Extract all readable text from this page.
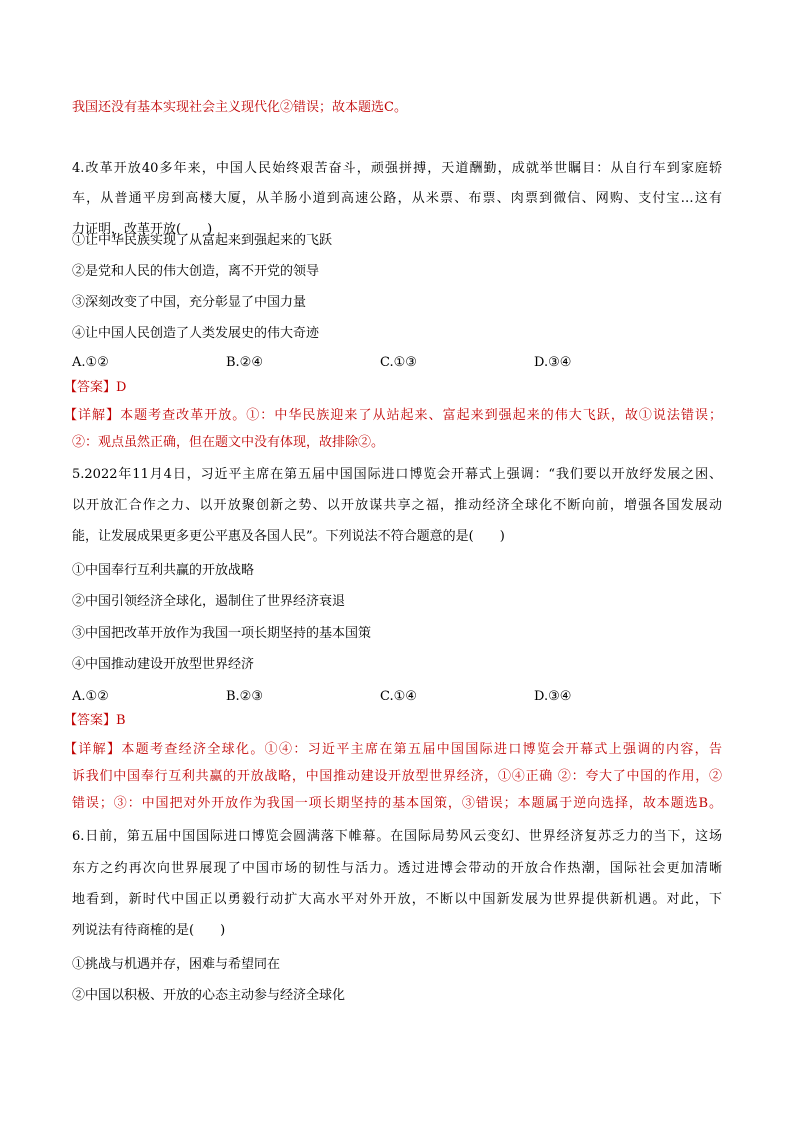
我国还没有基本实现社会主义现代化②错误；故本题选C。
4.改革开放40多年来，中国人民始终艰苦奋斗，顽强拼搏，天道酬勤，成就举世瞩目：从自行车到家庭轿
车，从普通平房到高楼大厦，从羊肠小道到高速公路，从米票、布票、肉票到微信、网购、支付宝…这有
力证明，改革开放(　　)
①让中华民族实现了从富起来到强起来的飞跃
②是党和人民的伟大创造，离不开党的领导
③深刻改变了中国，充分彰显了中国力量
④让中国人民创造了人类发展史的伟大奇迹
A.①②	B.②④	C.①③	D.③④
【答案】D
【详解】本题考查改革开放。①：中华民族迎来了从站起来、富起来到强起来的伟大飞跃，故①说法错误；
②：观点虽然正确，但在题文中没有体现，故排除②。
5.2022年11月4日，习近平主席在第五届中国国际进口博览会开幕式上强调：“我们要以开放纾发展之困、
以开放汇合作之力、以开放聚创新之势、以开放谋共享之福，推动经济全球化不断向前，增强各国发展动
能，让发展成果更多更公平惠及各国人民”。下列说法不符合题意的是(　　)
①中国奉行互利共赢的开放战略
②中国引领经济全球化，遏制住了世界经济衰退
③中国把改革开放作为我国一项长期坚持的基本国策
④中国推动建设开放型世界经济
A.①②	B.②③	C.①④	D.③④
【答案】B
【详解】本题考查经济全球化。①④：习近平主席在第五届中国国际进口博览会开幕式上强调的内容，告
诉我们中国奉行互利共赢的开放战略，中国推动建设开放型世界经济，①④正确 ②：夸大了中国的作用，②
错误；③：中国把对外开放作为我国一项长期坚持的基本国策，③错误；本题属于逆向选择，故本题选B。
6.日前，第五届中国国际进口博览会圆满落下帷幕。在国际局势风云变幻、世界经济复苏乏力的当下，这场
东方之约再次向世界展现了中国市场的韧性与活力。透过进博会带动的开放合作热潮，国际社会更加清晰
地看到，新时代中国正以勇毅行动扩大高水平对外开放，不断以中国新发展为世界提供新机遇。对此，下
列说法有待商榷的是(　　)
①挑战与机遇并存，困难与希望同在
②中国以积极、开放的心态主动参与经济全球化
